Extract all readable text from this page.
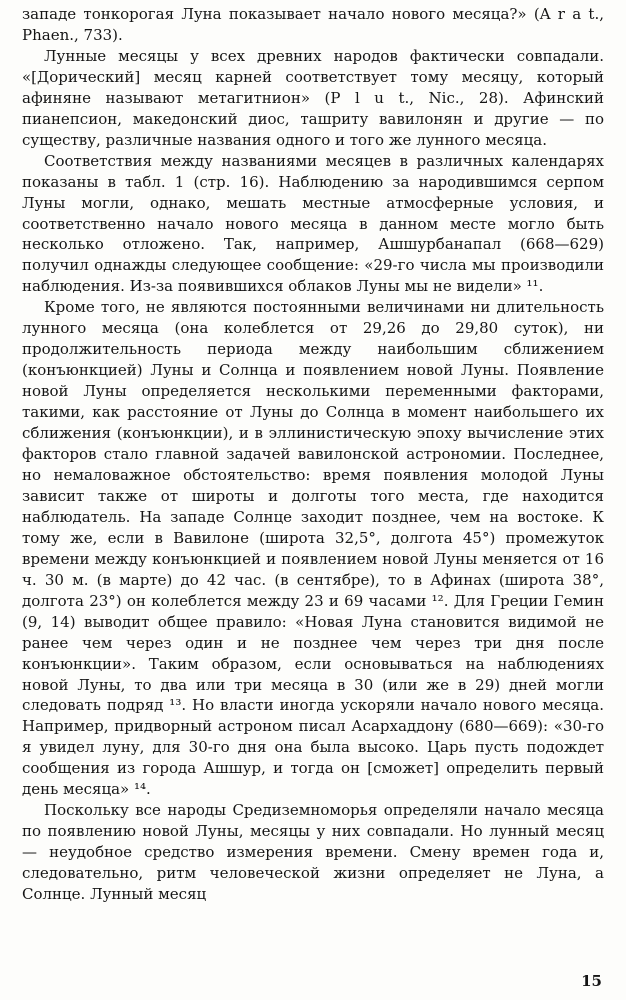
западе тонкорогая Луна показывает начало нового месяца?» (A r a t., Phaen., 733).

Лунные месяцы у всех древних народов фактически совпадали. «[Дорический] месяц карней соответствует тому месяцу, который афиняне называют метагитнион» (P l u t., Nic., 28). Афинский пианепсион, македонский диос, ташриту вавилонян и другие — по существу, различные названия одного и того же лунного месяца.

Соответствия между названиями месяцев в различных календарях показаны в табл. 1 (стр. 16). Наблюдению за народившимся серпом Луны могли, однако, мешать местные атмосферные условия, и соответственно начало нового месяца в данном месте могло быть несколько отложено. Так, например, Ашшурбанапал (668—629) получил однажды следующее сообщение: «29-го числа мы производили наблюдения. Из-за появившихся облаков Луны мы не видели» ¹¹.

Кроме того, не являются постоянными величинами ни длительность лунного месяца (она колеблется от 29,26 до 29,80 суток), ни продолжительность периода между наибольшим сближением (конъюнкцией) Луны и Солнца и появлением новой Луны. Появление новой Луны определяется несколькими переменными факторами, такими, как расстояние от Луны до Солнца в момент наибольшего их сближения (конъюнкции), и в эллинистическую эпоху вычисление этих факторов стало главной задачей вавилонской астрономии. Последнее, но немаловажное обстоятельство: время появления молодой Луны зависит также от широты и долготы того места, где находится наблюдатель. На западе Солнце заходит позднее, чем на востоке. К тому же, если в Вавилоне (широта 32,5°, долгота 45°) промежуток времени между конъюнкцией и появлением новой Луны меняется от 16 ч. 30 м. (в марте) до 42 час. (в сентябре), то в Афинах (широта 38°, долгота 23°) он колеблется между 23 и 69 часами ¹². Для Греции Гемин (9, 14) выводит общее правило: «Новая Луна становится видимой не ранее чем через один и не позднее чем через три дня после конъюнкции». Таким образом, если основываться на наблюдениях новой Луны, то два или три месяца в 30 (или же в 29) дней могли следовать подряд ¹³. Но власти иногда ускоряли начало нового месяца. Например, придворный астроном писал Асархаддону (680—669): «30-го я увидел луну, для 30-го дня она была высоко. Царь пусть подождет сообщения из города Ашшур, и тогда он [сможет] определить первый день месяца» ¹⁴.

Поскольку все народы Средиземноморья определяли начало месяца по появлению новой Луны, месяцы у них совпадали. Но лунный месяц — неудобное средство измерения времени. Смену времен года и, следовательно, ритм человеческой жизни определяет не Луна, а Солнце. Лунный месяц

15
